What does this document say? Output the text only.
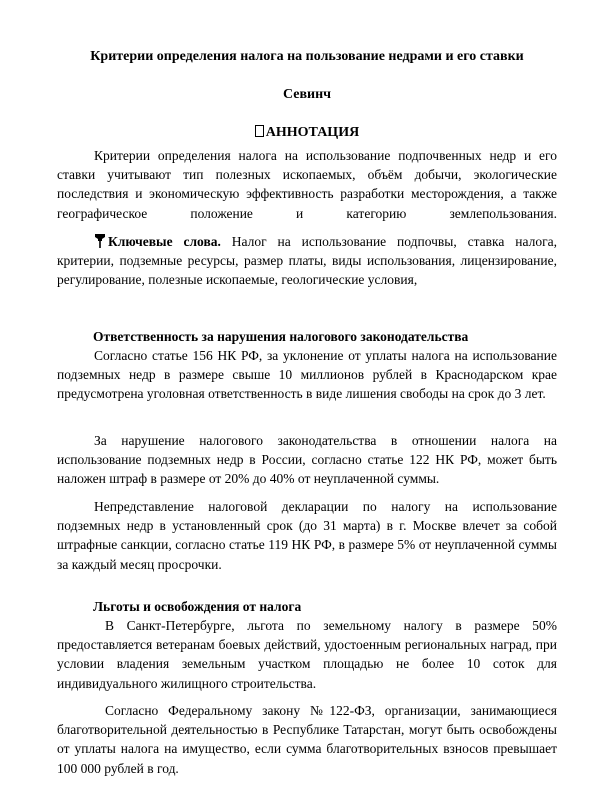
Критерии определения налога на пользование недрами и его ставки
Севинч
АННОТАЦИЯ

Критерии определения налога на использование подпочвенных недр и его ставки учитывают тип полезных ископаемых, объём добычи, экологические последствия и экономическую эффективность разработки месторождения, а также географическое положение и категорию землепользования.

Ключевые слова. Налог на использование подпочвы, ставка налога, критерии, подземные ресурсы, размер платы, виды использования, лицензирование, регулирование, полезные ископаемые, геологические условия,

Ответственность за нарушения налогового законодательства

Согласно статье 156 НК РФ, за уклонение от уплаты налога на использование подземных недр в размере свыше 10 миллионов рублей в Краснодарском крае предусмотрена уголовная ответственность в виде лишения свободы на срок до 3 лет.

За нарушение налогового законодательства в отношении налога на использование подземных недр в России, согласно статье 122 НК РФ, может быть наложен штраф в размере от 20% до 40% от неуплаченной суммы.

Непредставление налоговой декларации по налогу на использование подземных недр в установленный срок (до 31 марта) в г. Москве влечет за собой штрафные санкции, согласно статье 119 НК РФ, в размере 5% от неуплаченной суммы за каждый месяц просрочки.

Льготы и освобождения от налога

В Санкт-Петербурге, льгота по земельному налогу в размере 50% предоставляется ветеранам боевых действий, удостоенным региональных наград, при условии владения земельным участком площадью не более 10 соток для индивидуального жилищного строительства.

Согласно Федеральному закону №122-ФЗ, организации, занимающиеся благотворительной деятельностью в Республике Татарстан, могут быть освобождены от уплаты налога на имущество, если сумма благотворительных взносов превышает 100 000 рублей в год.
